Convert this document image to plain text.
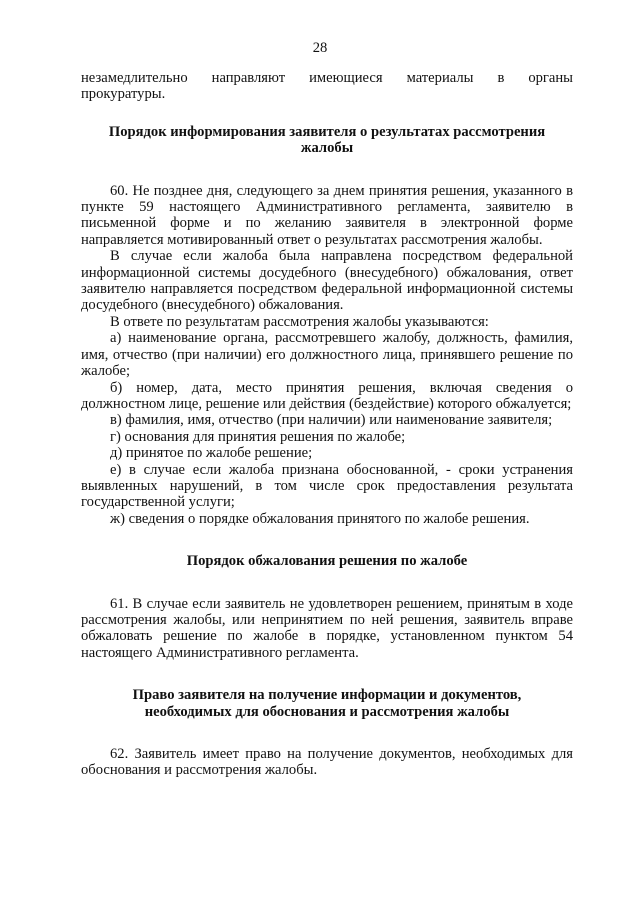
28

незамедлительно направляют имеющиеся материалы в органы

прокуратуры.

Порядок информирования заявителя о результатах рассмотрения жалобы

60. Не позднее дня, следующего за днем принятия решения, указанного в пункте 59 настоящего Административного регламента, заявителю в письменной форме и по желанию заявителя в электронной форме направляется мотивированный ответ о результатах рассмотрения жалобы.

В случае если жалоба была направлена посредством федеральной информационной системы досудебного (внесудебного) обжалования, ответ заявителю направляется посредством федеральной информационной системы досудебного (внесудебного) обжалования.

В ответе по результатам рассмотрения жалобы указываются:

а) наименование органа, рассмотревшего жалобу, должность, фамилия, имя, отчество (при наличии) его должностного лица, принявшего решение по жалобе;

б) номер, дата, место принятия решения, включая сведения о должностном лице, решение или действия (бездействие) которого обжалуется;

в) фамилия, имя, отчество (при наличии) или наименование заявителя;

г) основания для принятия решения по жалобе;

д) принятое по жалобе решение;

е) в случае если жалоба признана обоснованной, - сроки устранения выявленных нарушений, в том числе срок предоставления результата государственной услуги;

ж) сведения о порядке обжалования принятого по жалобе решения.

Порядок обжалования решения по жалобе

61. В случае если заявитель не удовлетворен решением, принятым в ходе рассмотрения жалобы, или непринятием по ней решения, заявитель вправе обжаловать решение по жалобе в порядке, установленном пунктом 54 настоящего Административного регламента.

Право заявителя на получение информации и документов,

необходимых для обоснования и рассмотрения жалобы

62. Заявитель имеет право на получение документов, необходимых для обоснования и рассмотрения жалобы.
